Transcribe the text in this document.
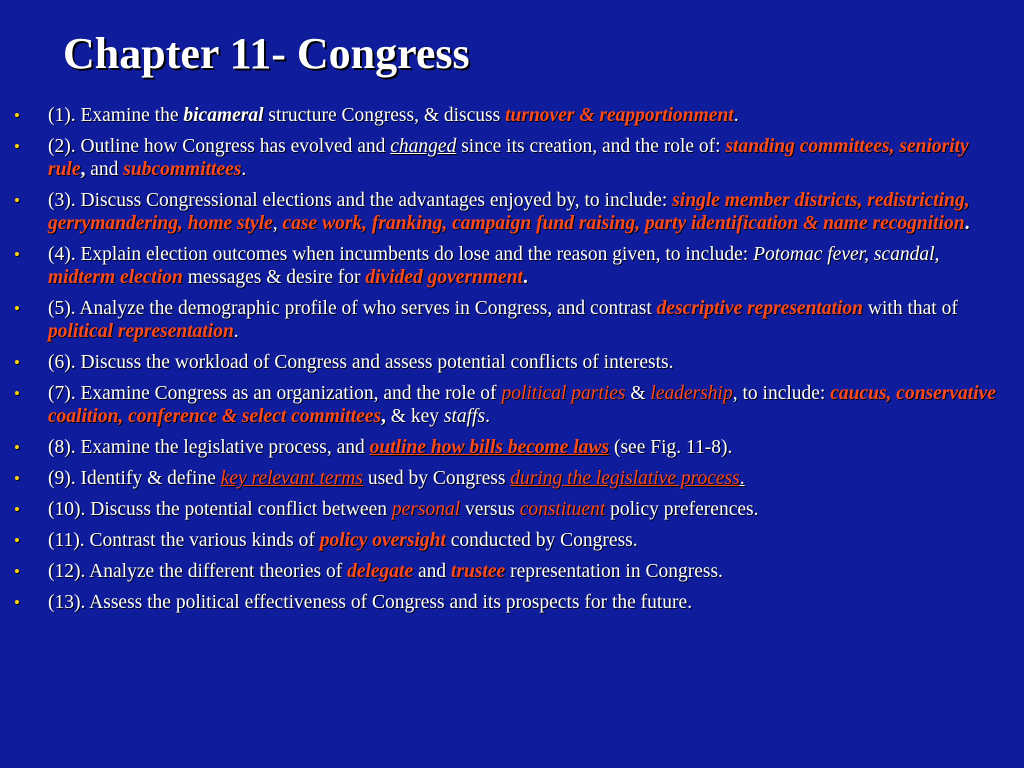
Chapter 11- Congress
• (1). Examine the bicameral structure Congress, & discuss turnover & reapportionment.
• (2). Outline how Congress has evolved and changed since its creation, and the role of: standing committees, seniority rule, and subcommittees.
• (3). Discuss Congressional elections and the advantages enjoyed by, to include: single member districts, redistricting, gerrymandering, home style, case work, franking, campaign fund raising, party identification & name recognition.
• (4). Explain election outcomes when incumbents do lose and the reason given, to include: Potomac fever, scandal, midterm election messages & desire for divided government.
• (5). Analyze the demographic profile of who serves in Congress, and contrast descriptive representation with that of political representation.
• (6). Discuss the workload of Congress and assess potential conflicts of interests.
• (7). Examine Congress as an organization, and the role of political parties & leadership, to include: caucus, conservative coalition, conference & select committees, & key staffs.
• (8). Examine the legislative process, and outline how bills become laws (see Fig. 11-8).
• (9). Identify & define key relevant terms used by Congress during the legislative process.
• (10). Discuss the potential conflict between personal versus constituent policy preferences.
• (11). Contrast the various kinds of policy oversight conducted by Congress.
• (12). Analyze the different theories of delegate and trustee representation in Congress.
• (13). Assess the political effectiveness of Congress and its prospects for the future.
